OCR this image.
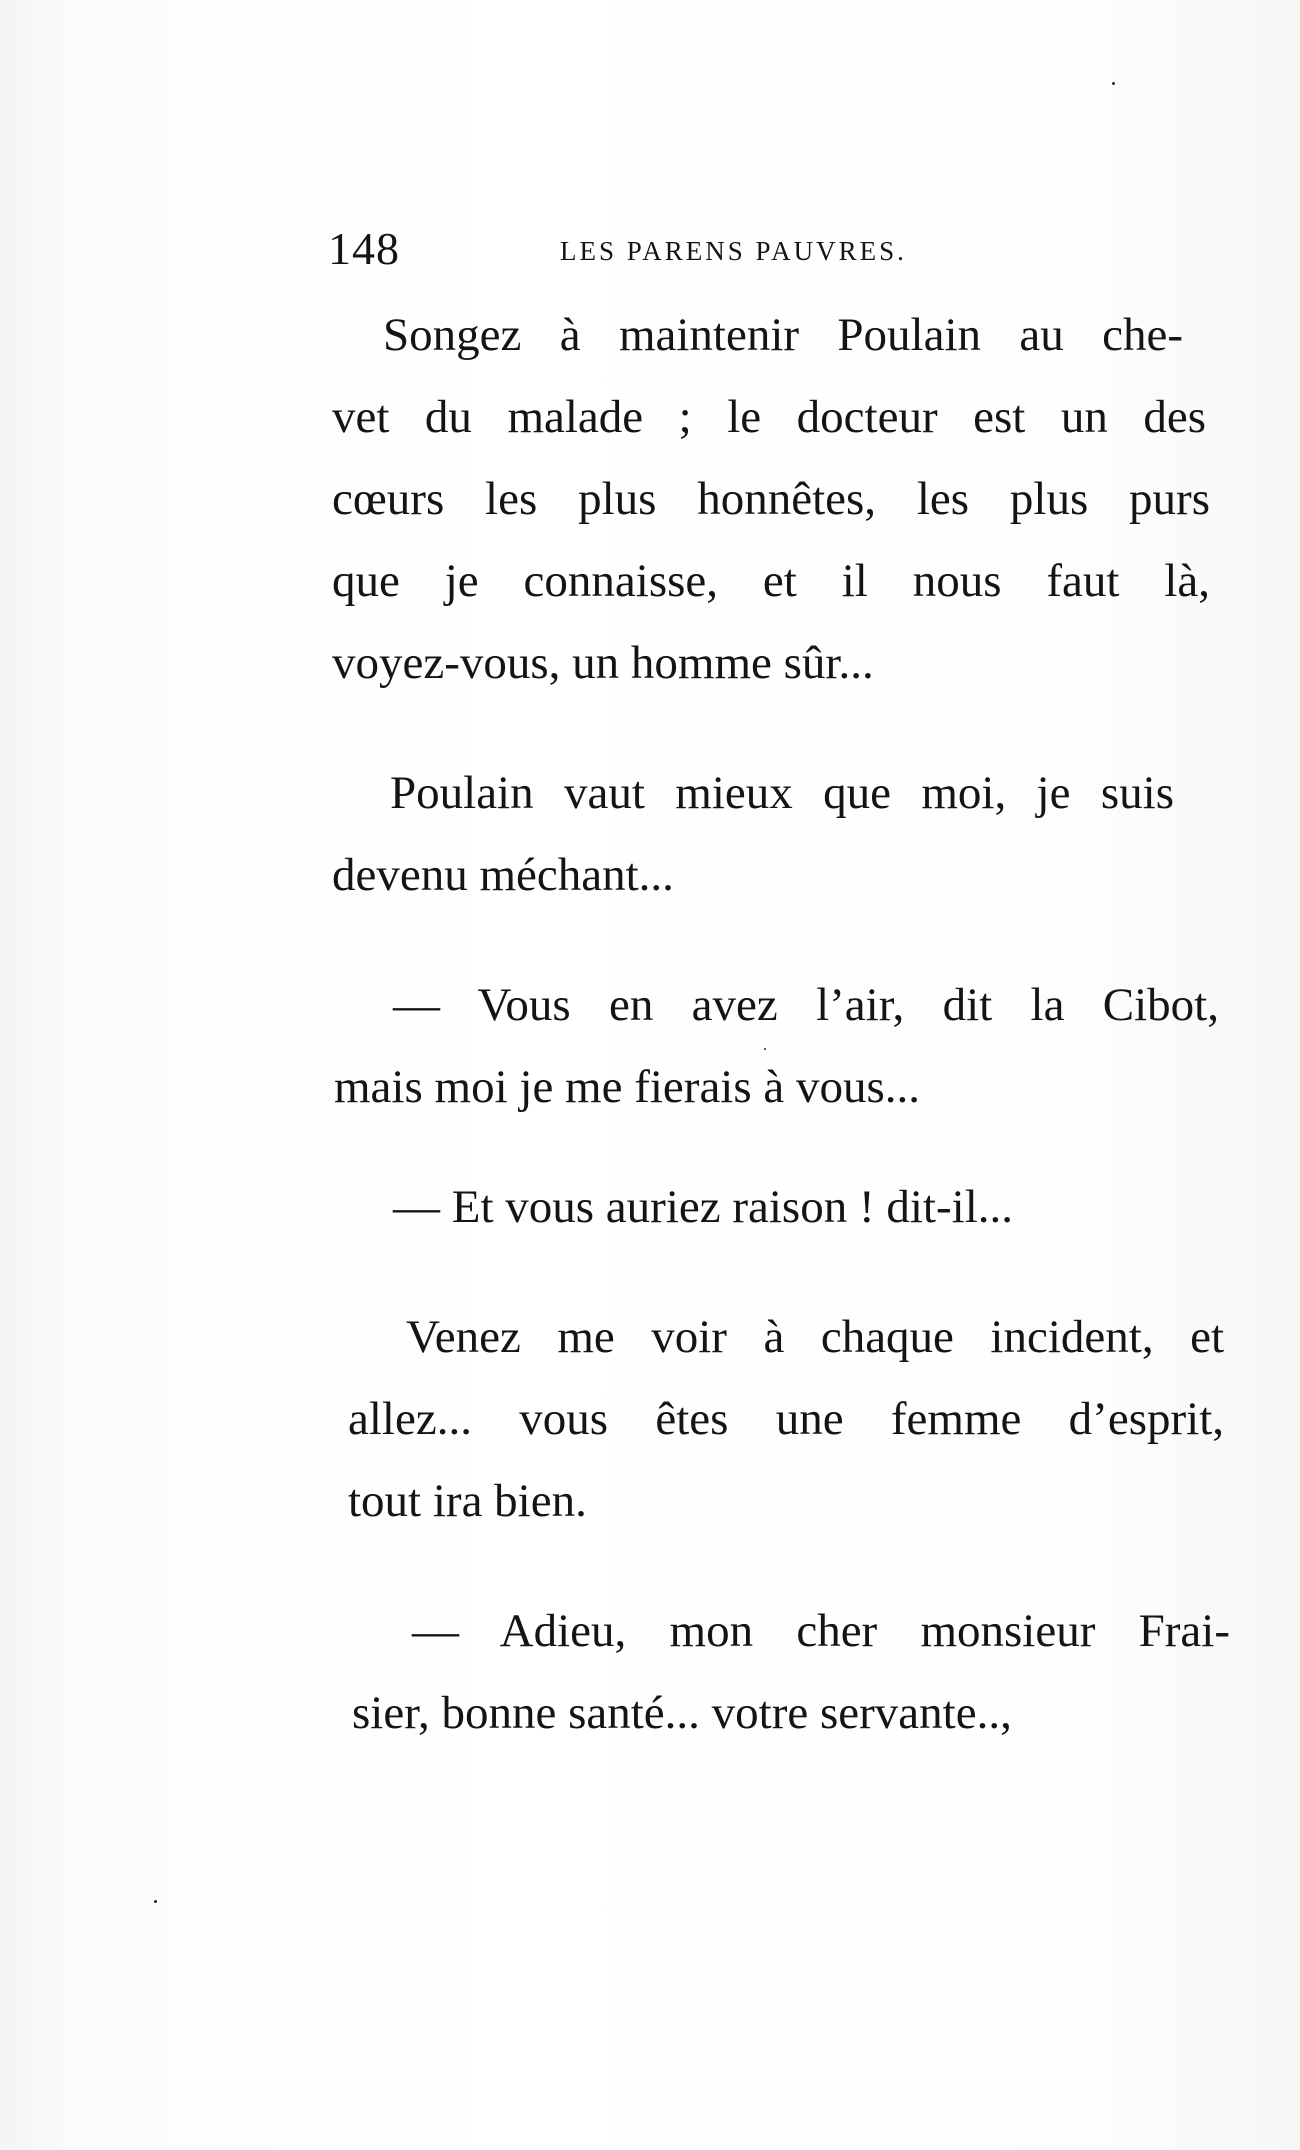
148	LES PARENS PAUVRES.
Songez à maintenir Poulain au che-
vet du malade ; le docteur est un des
cœurs les plus honnêtes, les plus purs
que je connaisse, et il nous faut là,
voyez-vous, un homme sûr...
Poulain vaut mieux que moi, je suis
devenu méchant...
— Vous en avez l’air, dit la Cibot,
mais moi je me fierais à vous...
— Et vous auriez raison ! dit-il...
Venez me voir à chaque incident, et
allez... vous êtes une femme d’esprit,
tout ira bien.
— Adieu, mon cher monsieur Frai-
sier, bonne santé... votre servante..,
